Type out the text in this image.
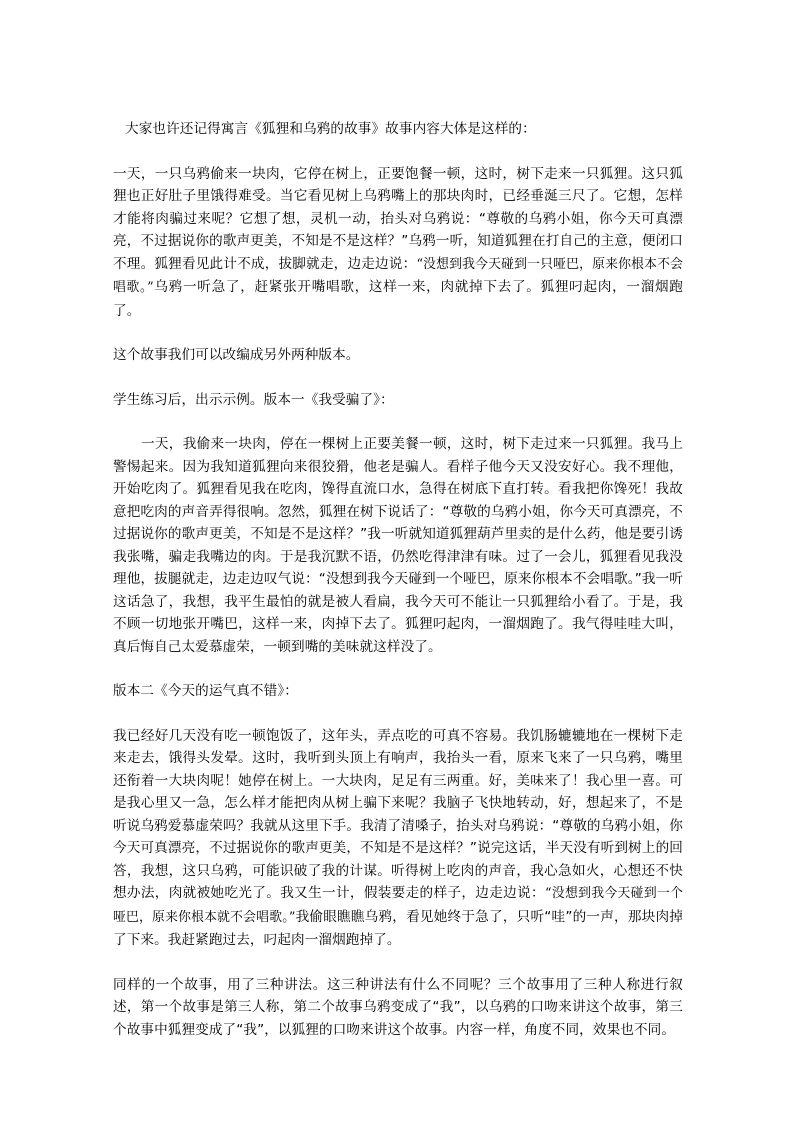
大家也许还记得寓言《狐狸和乌鸦的故事》故事内容大体是这样的：

一天，一只乌鸦偷来一块肉，它停在树上，正要饱餐一顿，这时，树下走来一只狐狸。这只狐狸也正好肚子里饿得难受。当它看见树上乌鸦嘴上的那块肉时，已经垂涎三尺了。它想，怎样才能将肉骗过来呢？它想了想，灵机一动，抬头对乌鸦说：“尊敬的乌鸦小姐，你今天可真漂亮，不过据说你的歌声更美，不知是不是这样？”乌鸦一听，知道狐狸在打自己的主意，便闭口不理。狐狸看见此计不成，拔脚就走，边走边说：“没想到我今天碰到一只哑巴，原来你根本不会唱歌。”乌鸦一听急了，赶紧张开嘴唱歌，这样一来，肉就掉下去了。狐狸叼起肉，一溜烟跑了。

这个故事我们可以改编成另外两种版本。

学生练习后，出示示例。版本一《我受骗了》：

一天，我偷来一块肉，停在一棵树上正要美餐一顿，这时，树下走过来一只狐狸。我马上警惕起来。因为我知道狐狸向来很狡猾，他老是骗人。看样子他今天又没安好心。我不理他，开始吃肉了。狐狸看见我在吃肉，馋得直流口水，急得在树底下直打转。看我把你馋死！我故意把吃肉的声音弄得很响。忽然，狐狸在树下说话了：“尊敬的乌鸦小姐，你今天可真漂亮，不过据说你的歌声更美，不知是不是这样？”我一听就知道狐狸葫芦里卖的是什么药，他是要引诱我张嘴，骗走我嘴边的肉。于是我沉默不语，仍然吃得津津有味。过了一会儿，狐狸看见我没理他，拔腿就走，边走边叹气说：“没想到我今天碰到一个哑巴，原来你根本不会唱歌。”我一听这话急了，我想，我平生最怕的就是被人看扁，我今天可不能让一只狐狸给小看了。于是，我不顾一切地张开嘴巴，这样一来，肉掉下去了。狐狸叼起肉，一溜烟跑了。我气得哇哇大叫，真后悔自己太爱慕虚荣，一顿到嘴的美味就这样没了。

版本二《今天的运气真不错》：

我已经好几天没有吃一顿饱饭了，这年头，弄点吃的可真不容易。我饥肠辘辘地在一棵树下走来走去，饿得头发晕。这时，我听到头顶上有响声，我抬头一看，原来飞来了一只乌鸦，嘴里还衔着一大块肉呢！她停在树上。一大块肉，足足有三两重。好，美味来了！我心里一喜。可是我心里又一急，怎么样才能把肉从树上骗下来呢？我脑子飞快地转动，好，想起来了，不是听说乌鸦爱慕虚荣吗？我就从这里下手。我清了清嗓子，抬头对乌鸦说：“尊敬的乌鸦小姐，你今天可真漂亮，不过据说你的歌声更美，不知是不是这样？”说完这话，半天没有听到树上的回答，我想，这只乌鸦，可能识破了我的计谋。听得树上吃肉的声音，我心急如火，心想还不快想办法，肉就被她吃光了。我又生一计，假装要走的样子，边走边说：“没想到我今天碰到一个哑巴，原来你根本就不会唱歌。”我偷眼瞧瞧乌鸦，看见她终于急了，只听“哇”的一声，那块肉掉了下来。我赶紧跑过去，叼起肉一溜烟跑掉了。

同样的一个故事，用了三种讲法。这三种讲法有什么不同呢？三个故事用了三种人称进行叙述，第一个故事是第三人称，第二个故事乌鸦变成了“我”，以乌鸦的口吻来讲这个故事，第三个故事中狐狸变成了“我”，以狐狸的口吻来讲这个故事。内容一样，角度不同，效果也不同。
